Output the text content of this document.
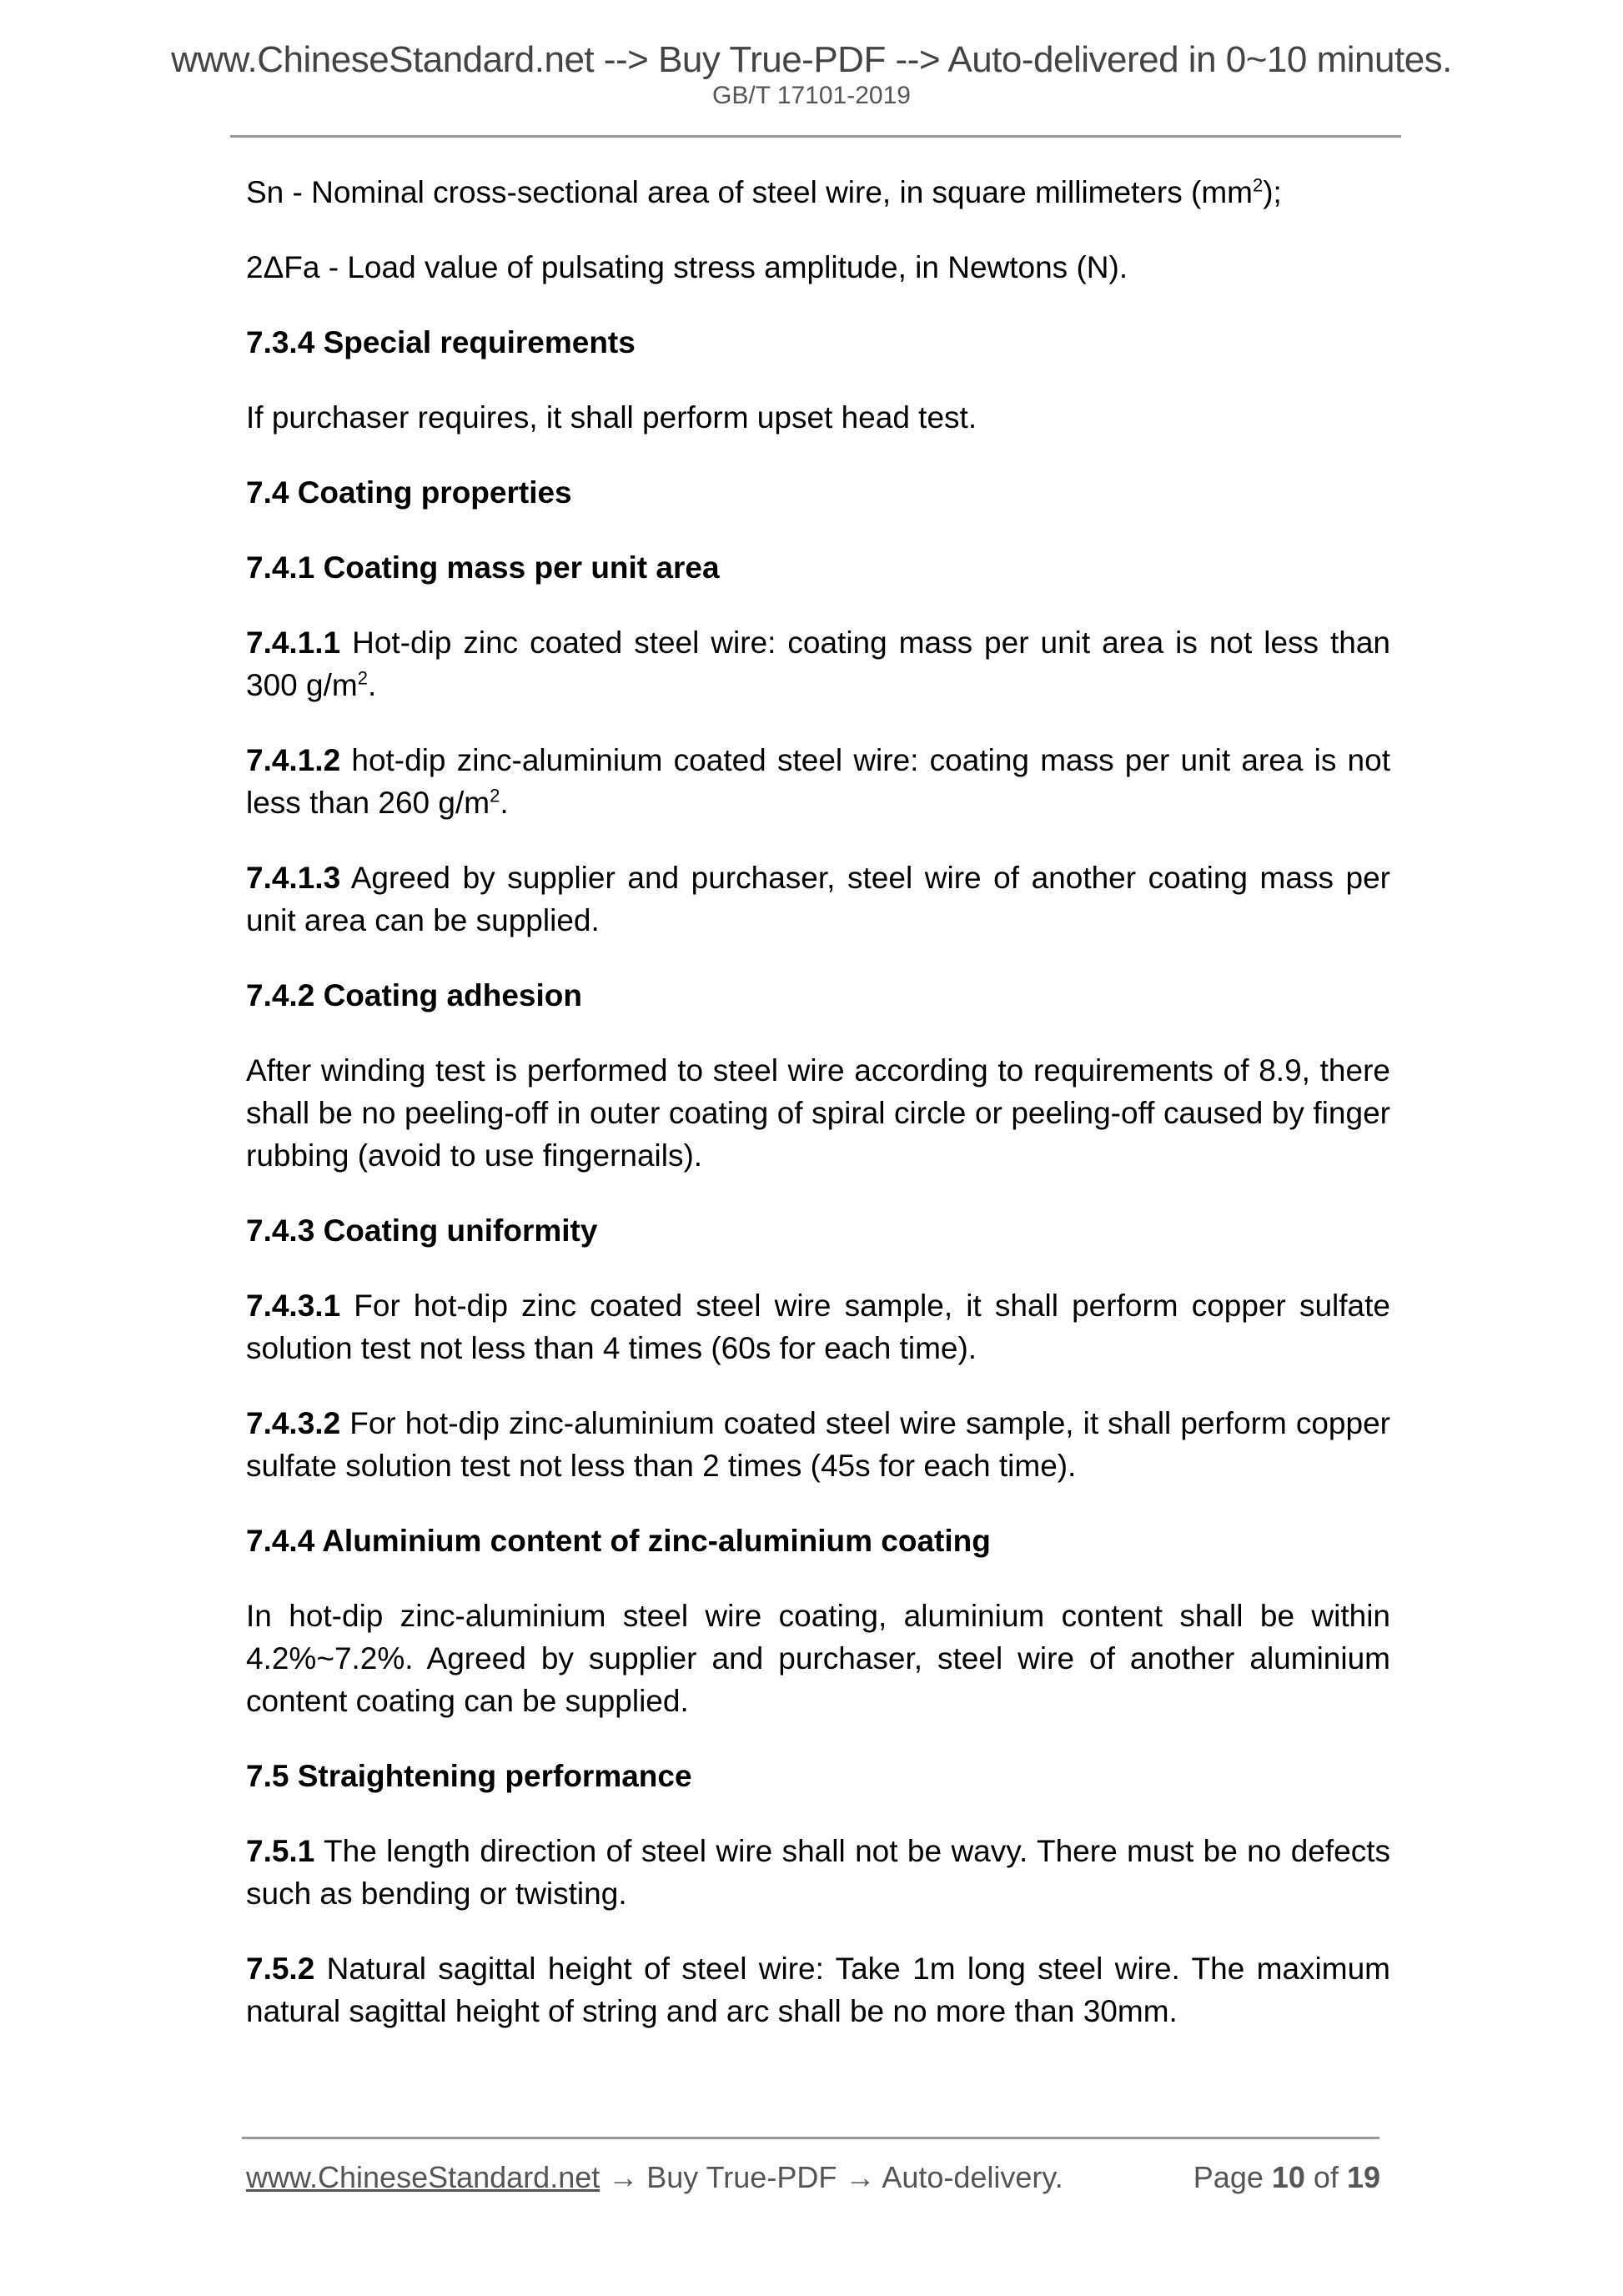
www.ChineseStandard.net --> Buy True-PDF --> Auto-delivered in 0~10 minutes.
GB/T 17101-2019

Sn - Nominal cross-sectional area of steel wire, in square millimeters $(mm^2)$;

2ΔFa - Load value of pulsating stress amplitude, in Newtons (N).

7.3.4 Special requirements

If purchaser requires, it shall perform upset head test.

7.4 Coating properties

7.4.1 Coating mass per unit area

7.4.1.1 Hot-dip zinc coated steel wire: coating mass per unit area is not less than 300 $g/m^2$.

7.4.1.2 hot-dip zinc-aluminium coated steel wire: coating mass per unit area is not less than 260 $g/m^2$.

7.4.1.3 Agreed by supplier and purchaser, steel wire of another coating mass per unit area can be supplied.

7.4.2 Coating adhesion

After winding test is performed to steel wire according to requirements of 8.9, there shall be no peeling-off in outer coating of spiral circle or peeling-off caused by finger rubbing (avoid to use fingernails).

7.4.3 Coating uniformity

7.4.3.1 For hot-dip zinc coated steel wire sample, it shall perform copper sulfate solution test not less than 4 times (60s for each time).

7.4.3.2 For hot-dip zinc-aluminium coated steel wire sample, it shall perform copper sulfate solution test not less than 2 times (45s for each time).

7.4.4 Aluminium content of zinc-aluminium coating

In hot-dip zinc-aluminium steel wire coating, aluminium content shall be within 4.2%~7.2%. Agreed by supplier and purchaser, steel wire of another aluminium content coating can be supplied.

7.5 Straightening performance

7.5.1 The length direction of steel wire shall not be wavy. There must be no defects such as bending or twisting.

7.5.2 Natural sagittal height of steel wire: Take 1m long steel wire. The maximum natural sagittal height of string and arc shall be no more than 30mm.

www.ChineseStandard.net → Buy True-PDF → Auto-delivery.	Page 10 of 19
